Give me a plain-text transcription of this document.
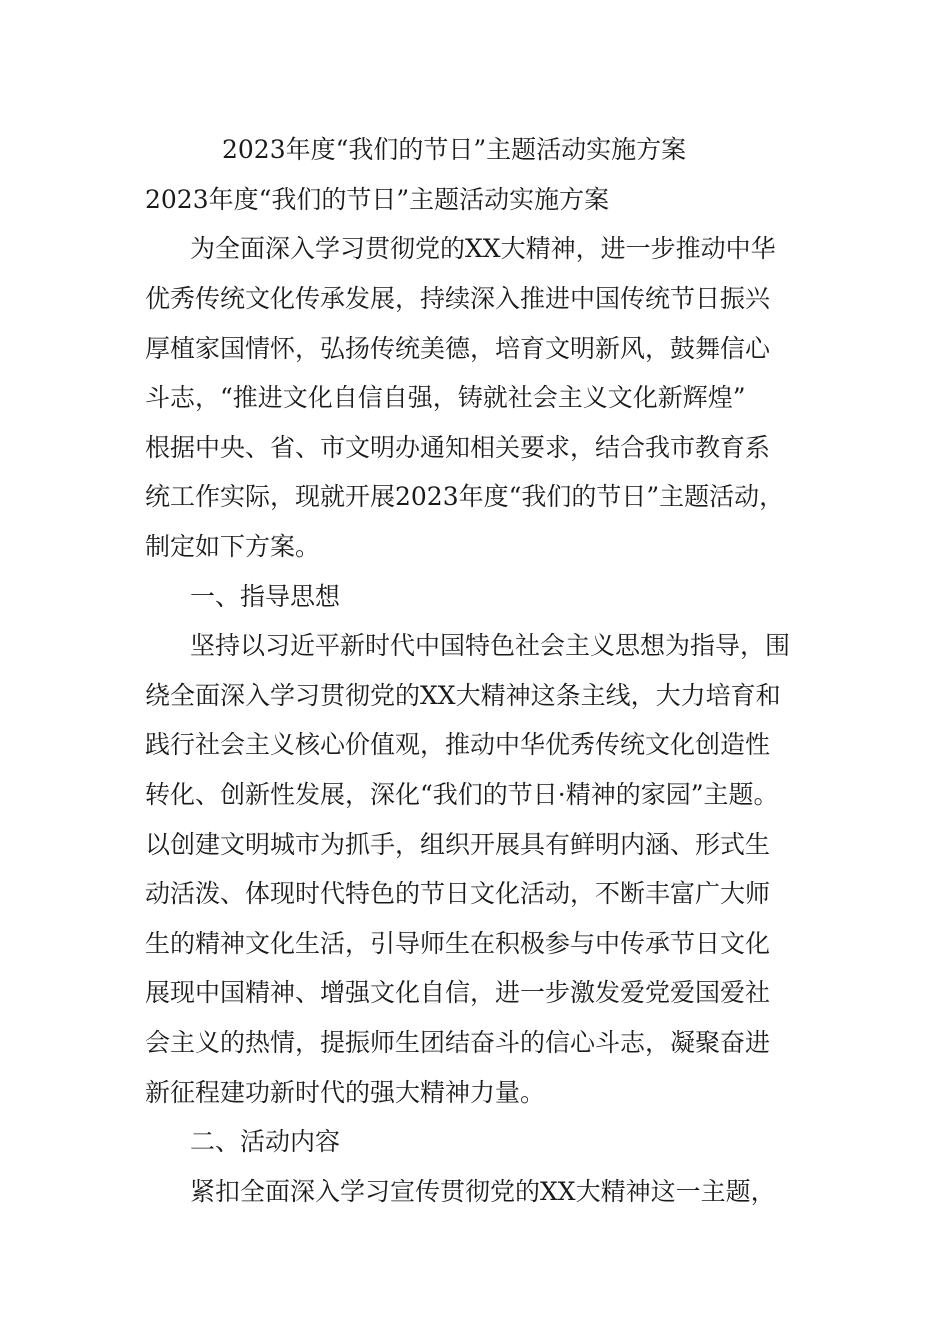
2023年度“我们的节日”主题活动实施方案
2023年度“我们的节日”主题活动实施方案
为全面深入学习贯彻党的XX大精神，进一步推动中华
优秀传统文化传承发展，持续深入推进中国传统节日振兴
厚植家国情怀，弘扬传统美德，培育文明新风，鼓舞信心
斗志，“推进文化自信自强，铸就社会主义文化新辉煌”
根据中央、省、市文明办通知相关要求，结合我市教育系
统工作实际，现就开展2023年度“我们的节日”主题活动，
制定如下方案。
一、指导思想
坚持以习近平新时代中国特色社会主义思想为指导，围
绕全面深入学习贯彻党的XX大精神这条主线，大力培育和
践行社会主义核心价值观，推动中华优秀传统文化创造性
转化、创新性发展，深化“我们的节日·精神的家园”主题。
以创建文明城市为抓手，组织开展具有鲜明内涵、形式生
动活泼、体现时代特色的节日文化活动，不断丰富广大师
生的精神文化生活，引导师生在积极参与中传承节日文化
展现中国精神、增强文化自信，进一步激发爱党爱国爱社
会主义的热情，提振师生团结奋斗的信心斗志，凝聚奋进
新征程建功新时代的强大精神力量。
二、活动内容
紧扣全面深入学习宣传贯彻党的XX大精神这一主题，
